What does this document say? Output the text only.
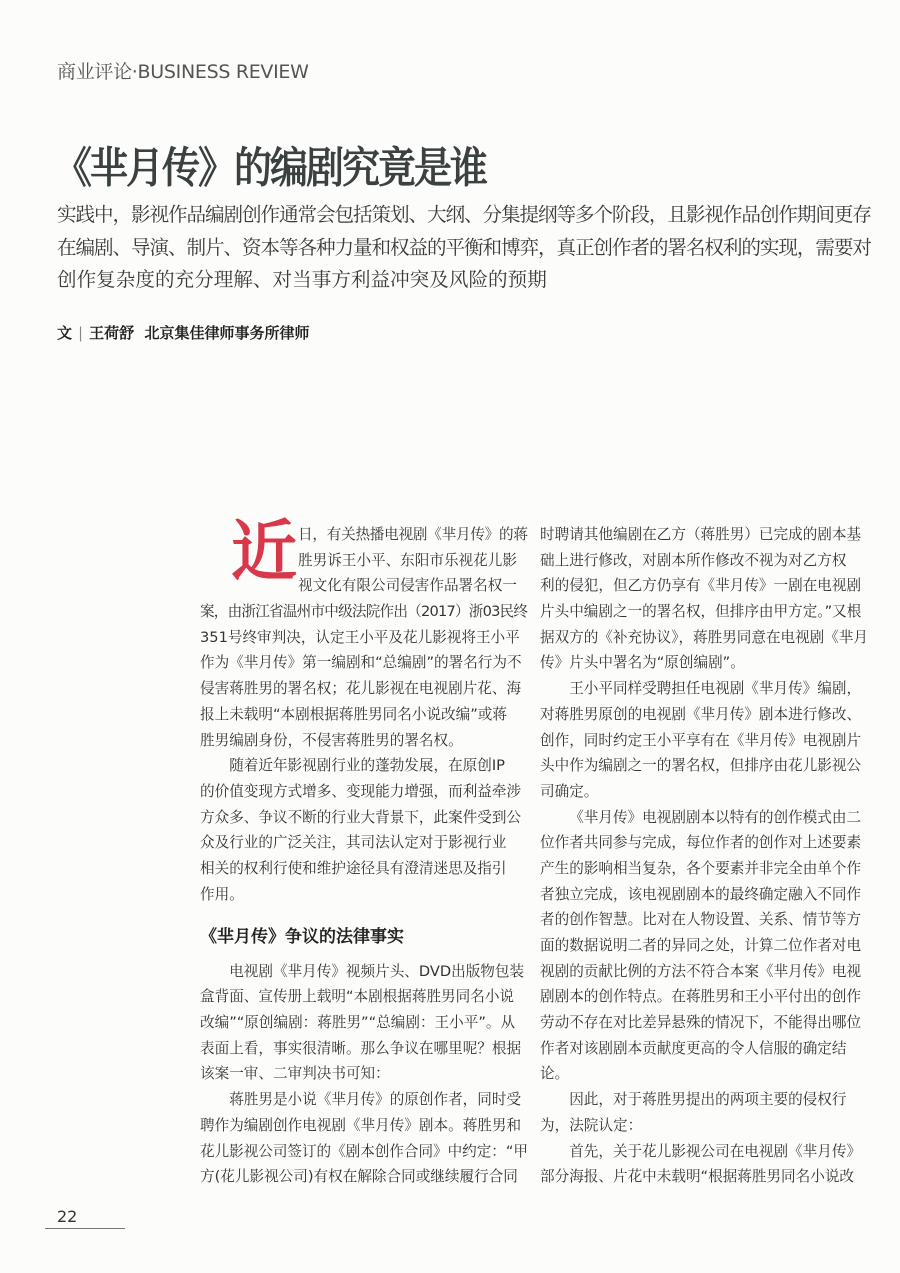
商业评论·BUSINESS REVIEW
《芈月传》的编剧究竟是谁
实践中，影视作品编剧创作通常会包括策划、大纲、分集提纲等多个阶段，且影视作品创作期间更存
在编剧、导演、制片、资本等各种力量和权益的平衡和博弈，真正创作者的署名权利的实现，需要对
创作复杂度的充分理解、对当事方利益冲突及风险的预期
文 | 王荷舒 北京集佳律师事务所律师
近 日，有关热播电视剧《芈月传》的蒋
胜男诉王小平、东阳市乐视花儿影
视文化有限公司侵害作品署名权一
案，由浙江省温州市中级法院作出（2017）浙03民终
351号终审判决，认定王小平及花儿影视将王小平
作为《芈月传》第一编剧和“总编剧”的署名行为不
侵害蒋胜男的署名权；花儿影视在电视剧片花、海
报上未载明“本剧根据蒋胜男同名小说改编”或蒋
胜男编剧身份，不侵害蒋胜男的署名权。
随着近年影视剧行业的蓬勃发展，在原创IP
的价值变现方式增多、变现能力增强，而利益牵涉
方众多、争议不断的行业大背景下，此案件受到公
众及行业的广泛关注，其司法认定对于影视行业
相关的权利行使和维护途径具有澄清迷思及指引
作用。
《芈月传》争议的法律事实
电视剧《芈月传》视频片头、DVD出版物包装
盒背面、宣传册上载明“本剧根据蒋胜男同名小说
改编”“原创编剧：蒋胜男”“总编剧：王小平”。从
表面上看，事实很清晰。那么争议在哪里呢？根据
该案一审、二审判决书可知：
蒋胜男是小说《芈月传》的原创作者，同时受
聘作为编剧创作电视剧《芈月传》剧本。蒋胜男和
花儿影视公司签订的《剧本创作合同》中约定：“甲
方(花儿影视公司)有权在解除合同或继续履行合同
时聘请其他编剧在乙方（蒋胜男）已完成的剧本基
础上进行修改，对剧本所作修改不视为对乙方权
利的侵犯，但乙方仍享有《芈月传》一剧在电视剧
片头中编剧之一的署名权，但排序由甲方定。”又根
据双方的《补充协议》，蒋胜男同意在电视剧《芈月
传》片头中署名为“原创编剧”。
王小平同样受聘担任电视剧《芈月传》编剧，
对蒋胜男原创的电视剧《芈月传》剧本进行修改、
创作，同时约定王小平享有在《芈月传》电视剧片
头中作为编剧之一的署名权，但排序由花儿影视公
司确定。
《芈月传》电视剧剧本以特有的创作模式由二
位作者共同参与完成，每位作者的创作对上述要素
产生的影响相当复杂，各个要素并非完全由单个作
者独立完成，该电视剧剧本的最终确定融入不同作
者的创作智慧。比对在人物设置、关系、情节等方
面的数据说明二者的异同之处，计算二位作者对电
视剧的贡献比例的方法不符合本案《芈月传》电视
剧剧本的创作特点。在蒋胜男和王小平付出的创作
劳动不存在对比差异悬殊的情况下，不能得出哪位
作者对该剧剧本贡献度更高的令人信服的确定结
论。
因此，对于蒋胜男提出的两项主要的侵权行
为，法院认定：
首先，关于花儿影视公司在电视剧《芈月传》
部分海报、片花中未载明“根据蒋胜男同名小说改
22
